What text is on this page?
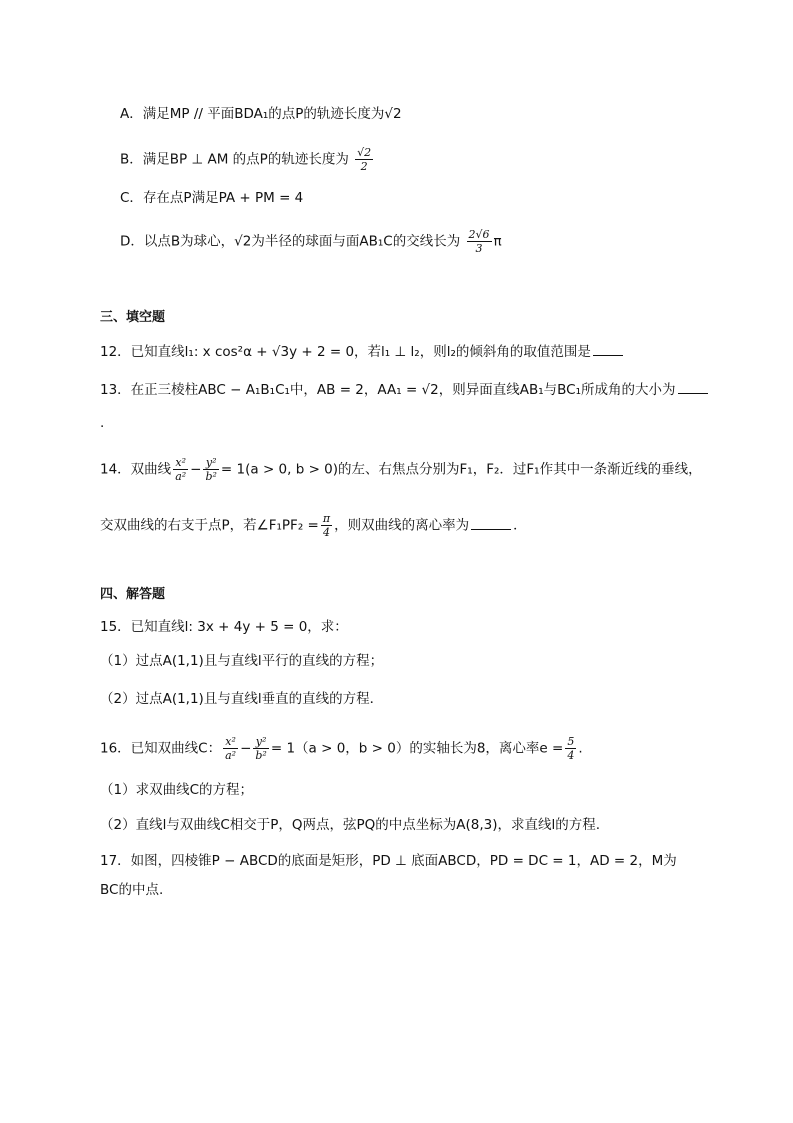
A．满足MP // 平面BDA₁的点P的轨迹长度为√2
B．满足BP ⊥ AM 的点P的轨迹长度为 $\frac{√2}{2}$
C．存在点P满足PA + PM = 4
D．以点B为球心，√2为半径的球面与面AB₁C的交线长为 $\frac{2√6}{3}$ π
三、填空题
12．已知直线l₁: x cos²α + √3y + 2 = 0，若l₁ ⊥ l₂，则l₂的倾斜角的取值范围是
13．在正三棱柱ABC − A₁B₁C₁中，AB = 2，AA₁ = √2，则异面直线AB₁与BC₁所成角的大小为
.
14．双曲线 $\frac{\text{x²}}{\text{a²}} - \frac{\text{y²}}{\text{b²}} = 1(a > 0$, b > 0)的左、右焦点分别为F₁，F₂．过F₁作其中一条渐近线的垂线，
交双曲线的右支于点P，若∠F₁PF₂ = $\frac{\pi}{4}$ ，则双曲线的离心率为	．
四、解答题
15．已知直线l: 3x + 4y + 5 = 0，求：
（1）过点A(1,1)且与直线l平行的直线的方程；
（2）过点A(1,1)且与直线l垂直的直线的方程．
16．已知双曲线C： $\frac{\text{x²}}{\text{a²}} - \frac{\text{y²}}{\text{b²}} = 1(a > 0$，b > 0）的实轴长为8，离心率$e = \frac{5}{4}$ .
（1）求双曲线C的方程；
（2）直线l与双曲线C相交于P，Q两点，弦PQ的中点坐标为A(8,3)，求直线l的方程.
17．如图，四棱锥P − ABCD的底面是矩形，PD ⊥ 底面ABCD，PD = DC = 1，AD = 2，M为
BC的中点.
